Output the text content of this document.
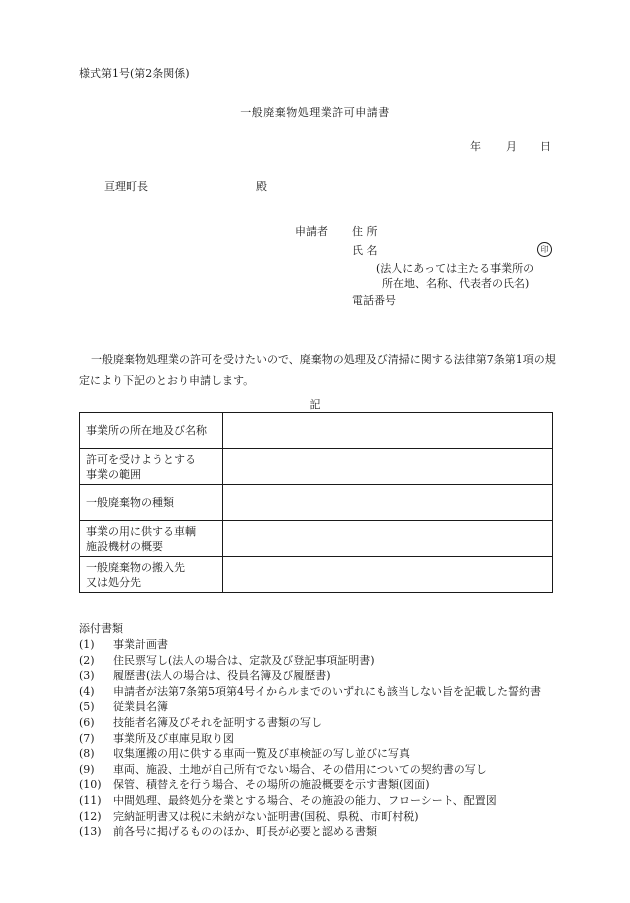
様式第1号(第2条関係)
一般廃棄物処理業許可申請書
年 月 日
亘理町長	殿
申請者 住 所
氏 名	印
(法人にあっては主たる事業所の
所在地、名称、代表者の氏名)
電話番号
一般廃棄物処理業の許可を受けたいので、廃棄物の処理及び清掃に関する法律第7条第1項の規定により下記のとおり申請します。
記
事業所の所在地及び名称	

許可を受けようとする
事業の範囲	

一般廃棄物の種類	

事業の用に供する車輌
施設機材の概要	

一般廃棄物の搬入先
又は処分先	

添付書類
(1) 事業計画書
(2) 住民票写し(法人の場合は、定款及び登記事項証明書)
(3) 履歴書(法人の場合は、役員名簿及び履歴書)
(4) 申請者が法第7条第5項第4号イからルまでのいずれにも該当しない旨を記載した誓約書
(5) 従業員名簿
(6) 技能者名簿及びそれを証明する書類の写し
(7) 事業所及び車庫見取り図
(8) 収集運搬の用に供する車両一覧及び車検証の写し並びに写真
(9) 車両、施設、土地が自己所有でない場合、その借用についての契約書の写し
(10) 保管、積替えを行う場合、その場所の施設概要を示す書類(図面)
(11) 中間処理、最終処分を業とする場合、その施設の能力、フローシート、配置図
(12) 完納証明書又は税に未納がない証明書(国税、県税、市町村税)
(13) 前各号に掲げるもののほか、町長が必要と認める書類
